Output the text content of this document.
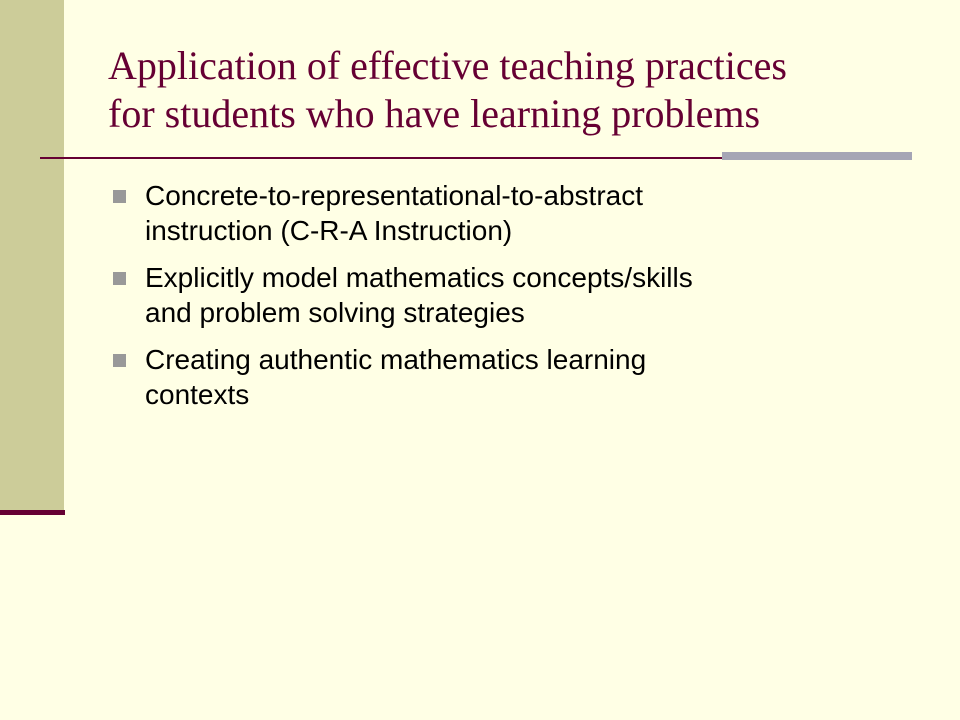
Application of effective teaching practices
for students who have learning problems
Concrete-to-representational-to-abstract
instruction (C-R-A Instruction)
Explicitly model mathematics concepts/skills
and problem solving strategies
Creating authentic mathematics learning
contexts
